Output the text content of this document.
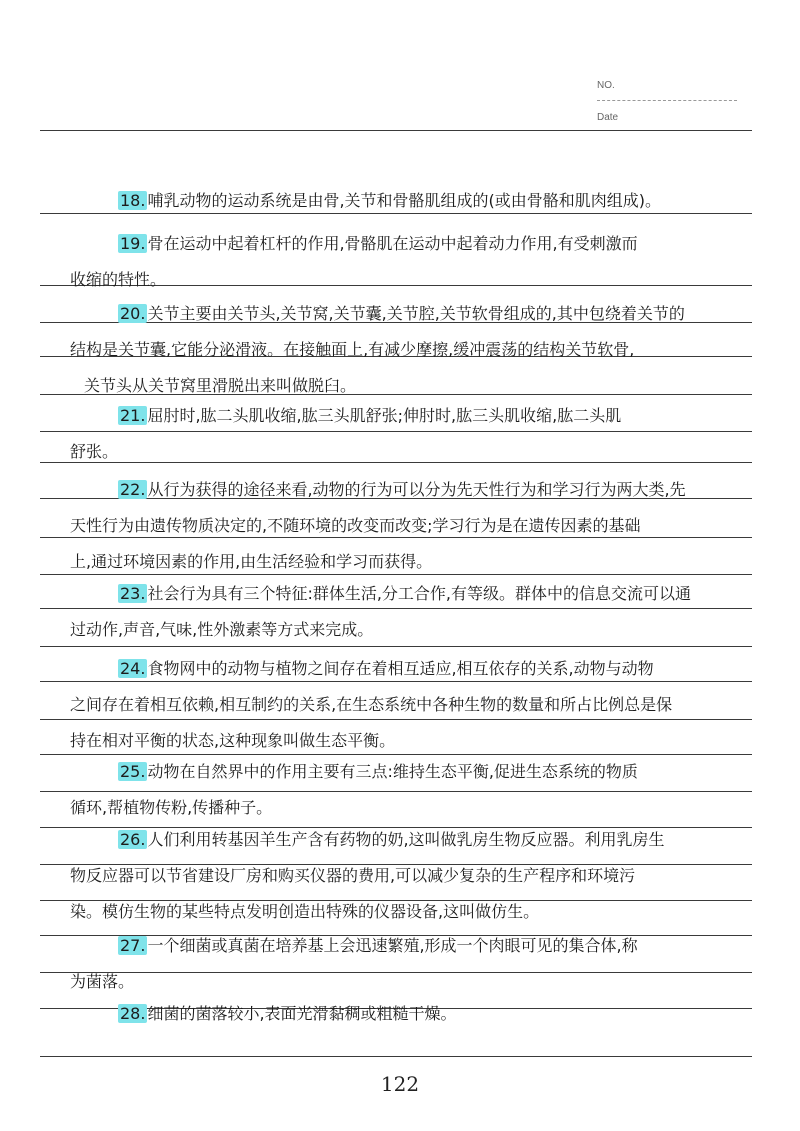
NO.
Date
18. 哺乳动物的运动系统是由骨,关节和骨骼肌组成的(或由骨骼和肌肉组成)。
19. 骨在运动中起着杠杆的作用,骨骼肌在运动中起着动力作用,有受刺激而
收缩的特性。
20. 关节主要由关节头,关节窝,关节囊,关节腔,关节软骨组成的,其中包绕着关节的
结构是关节囊,它能分泌滑液。在接触面上,有减少摩擦,缓冲震荡的结构关节软骨,
关节头从关节窝里滑脱出来叫做脱臼。
21. 屈肘时,肱二头肌收缩,肱三头肌舒张;伸肘时,肱三头肌收缩,肱二头肌
舒张。
22. 从行为获得的途径来看,动物的行为可以分为先天性行为和学习行为两大类,先
天性行为由遗传物质决定的,不随环境的改变而改变;学习行为是在遗传因素的基础
上,通过环境因素的作用,由生活经验和学习而获得。
23. 社会行为具有三个特征:群体生活,分工合作,有等级。群体中的信息交流可以通
过动作,声音,气味,性外激素等方式来完成。
24. 食物网中的动物与植物之间存在着相互适应,相互依存的关系,动物与动物
之间存在着相互依赖,相互制约的关系,在生态系统中各种生物的数量和所占比例总是保
持在相对平衡的状态,这种现象叫做生态平衡。
25. 动物在自然界中的作用主要有三点:维持生态平衡,促进生态系统的物质
循环,帮植物传粉,传播种子。
26. 人们利用转基因羊生产含有药物的奶,这叫做乳房生物反应器。利用乳房生
物反应器可以节省建设厂房和购买仪器的费用,可以减少复杂的生产程序和环境污
染。模仿生物的某些特点发明创造出特殊的仪器设备,这叫做仿生。
27. 一个细菌或真菌在培养基上会迅速繁殖,形成一个肉眼可见的集合体,称
为菌落。
28. 细菌的菌落较小,表面光滑黏稠或粗糙干燥。
122
